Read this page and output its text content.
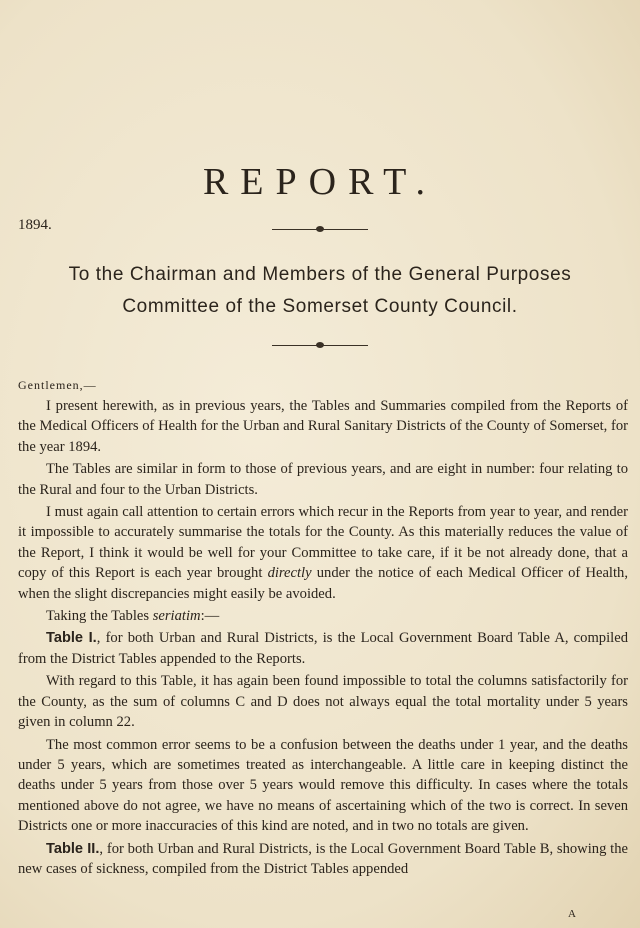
REPORT.
1894.
To the Chairman and Members of the General Purposes
Committee of the Somerset County Council.
Gentlemen,—

I present herewith, as in previous years, the Tables and Summaries compiled from the Reports of the Medical Officers of Health for the Urban and Rural Sanitary Districts of the County of Somerset, for the year 1894.

The Tables are similar in form to those of previous years, and are eight in number: four relating to the Rural and four to the Urban Districts.

I must again call attention to certain errors which recur in the Reports from year to year, and render it impossible to accurately summarise the totals for the County. As this materially reduces the value of the Report, I think it would be well for your Committee to take care, if it be not already done, that a copy of this Report is each year brought directly under the notice of each Medical Officer of Health, when the slight discrepancies might easily be avoided.

Taking the Tables seriatim:—

Table I., for both Urban and Rural Districts, is the Local Government Board Table A, compiled from the District Tables appended to the Reports.

With regard to this Table, it has again been found impossible to total the columns satisfactorily for the County, as the sum of columns C and D does not always equal the total mortality under 5 years given in column 22.

The most common error seems to be a confusion between the deaths under 1 year, and the deaths under 5 years, which are sometimes treated as interchangeable. A little care in keeping distinct the deaths under 5 years from those over 5 years would remove this difficulty. In cases where the totals mentioned above do not agree, we have no means of ascertaining which of the two is correct. In seven Districts one or more inaccuracies of this kind are noted, and in two no totals are given.

Table II., for both Urban and Rural Districts, is the Local Government Board Table B, showing the new cases of sickness, compiled from the District Tables appended

A
